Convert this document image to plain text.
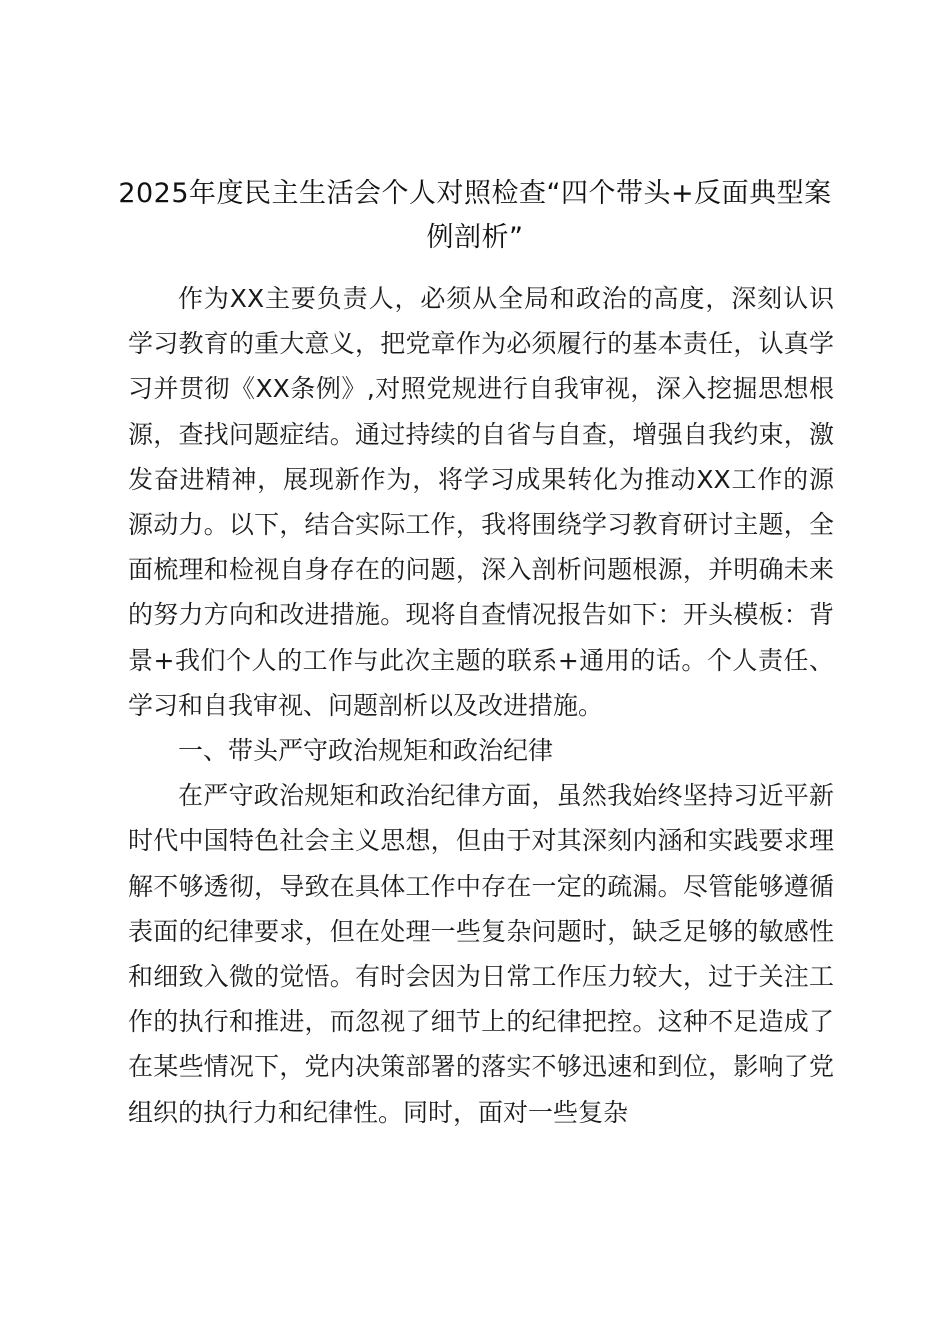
2025年度民主生活会个人对照检查“四个带头+反面典型案例剖析”

作为XX主要负责人，必须从全局和政治的高度，深刻认识学习教育的重大意义，把党章作为必须履行的基本责任，认真学习并贯彻《XX条例》,对照党规进行自我审视，深入挖掘思想根源，查找问题症结。通过持续的自省与自查，增强自我约束，激发奋进精神，展现新作为，将学习成果转化为推动XX工作的源源动力。以下，结合实际工作，我将围绕学习教育研讨主题，全面梳理和检视自身存在的问题，深入剖析问题根源，并明确未来的努力方向和改进措施。现将自查情况报告如下：开头模板：背景+我们个人的工作与此次主题的联系+通用的话。个人责任、学习和自我审视、问题剖析以及改进措施。

一、带头严守政治规矩和政治纪律

在严守政治规矩和政治纪律方面，虽然我始终坚持习近平新时代中国特色社会主义思想，但由于对其深刻内涵和实践要求理解不够透彻，导致在具体工作中存在一定的疏漏。尽管能够遵循表面的纪律要求，但在处理一些复杂问题时，缺乏足够的敏感性和细致入微的觉悟。有时会因为日常工作压力较大，过于关注工作的执行和推进，而忽视了细节上的纪律把控。这种不足造成了在某些情况下，党内决策部署的落实不够迅速和到位，影响了党组织的执行力和纪律性。同时，面对一些复杂
